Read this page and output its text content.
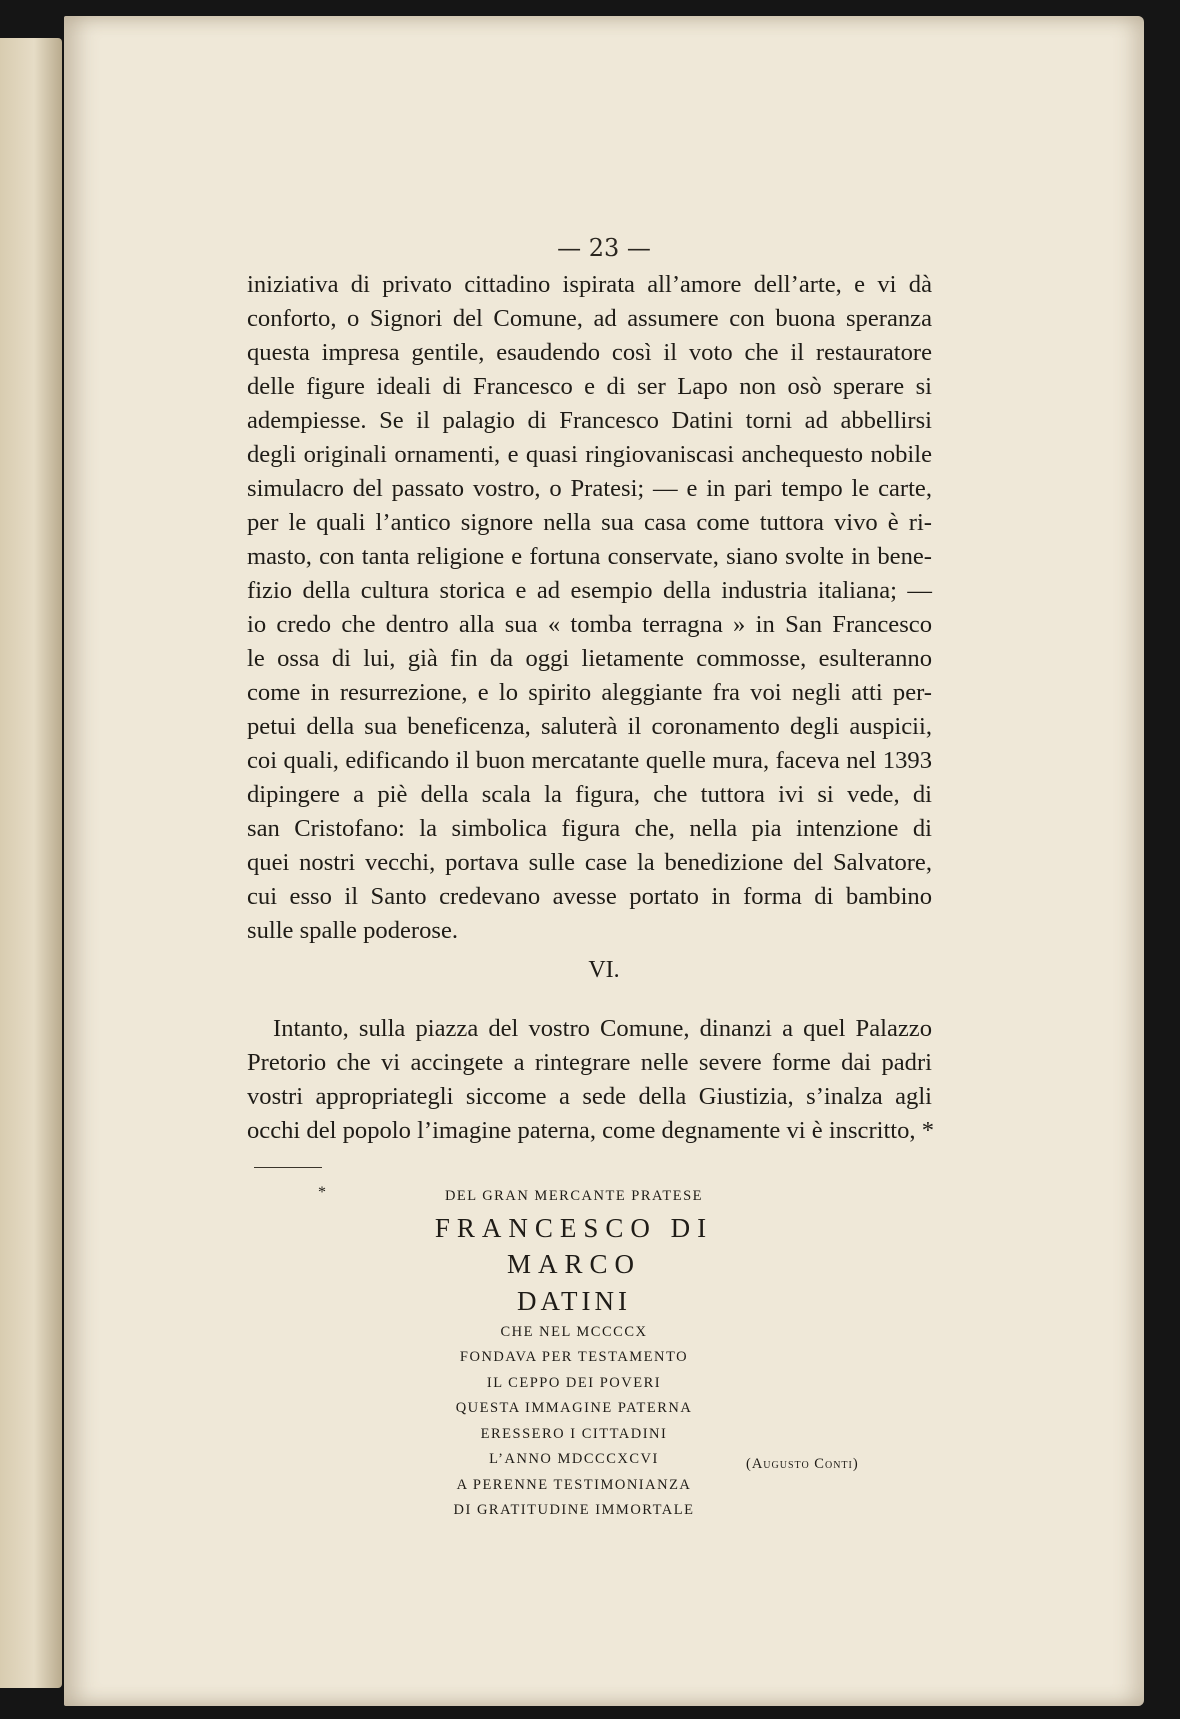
— 23 —
iniziativa di privato cittadino ispirata all’amore dell’arte, e vi dà
conforto, o Signori del Comune, ad assumere con buona speranza
questa impresa gentile, esaudendo così il voto che il restauratore
delle figure ideali di Francesco e di ser Lapo non osò sperare si
adempiesse. Se il palagio di Francesco Datini torni ad abbellirsi
degli originali ornamenti, e quasi ringiovaniscasi anchequesto nobile
simulacro del passato vostro, o Pratesi; — e in pari tempo le carte,
per le quali l’antico signore nella sua casa come tuttora vivo è ri-
masto, con tanta religione e fortuna conservate, siano svolte in bene-
fizio della cultura storica e ad esempio della industria italiana; —
io credo che dentro alla sua « tomba terragna » in San Francesco
le ossa di lui, già fin da oggi lietamente commosse, esulteranno
come in resurrezione, e lo spirito aleggiante fra voi negli atti per-
petui della sua beneficenza, saluterà il coronamento degli auspicii,
coi quali, edificando il buon mercatante quelle mura, faceva nel 1393
dipingere a piè della scala la figura, che tuttora ivi si vede, di
san Cristofano: la simbolica figura che, nella pia intenzione di
quei nostri vecchi, portava sulle case la benedizione del Salvatore,
cui esso il Santo credevano avesse portato in forma di bambino
sulle spalle poderose.
VI.
Intanto, sulla piazza del vostro Comune, dinanzi a quel Palazzo
Pretorio che vi accingete a rintegrare nelle severe forme dai padri
vostri appropriategli siccome a sede della Giustizia, s’inalza agli
occhi del popolo l’imagine paterna, come degnamente vi è inscritto, *
*	DEL GRAN MERCANTE PRATESE
FRANCESCO DI MARCO
DATINI
CHE NEL MCCCCX
FONDAVA PER TESTAMENTO
IL CEPPO DEI POVERI
QUESTA IMMAGINE PATERNA
ERESSERO I CITTADINI
L’ANNO MDCCCXCVI
A PERENNE TESTIMONIANZA
DI GRATITUDINE IMMORTALE
(Augusto Conti)
